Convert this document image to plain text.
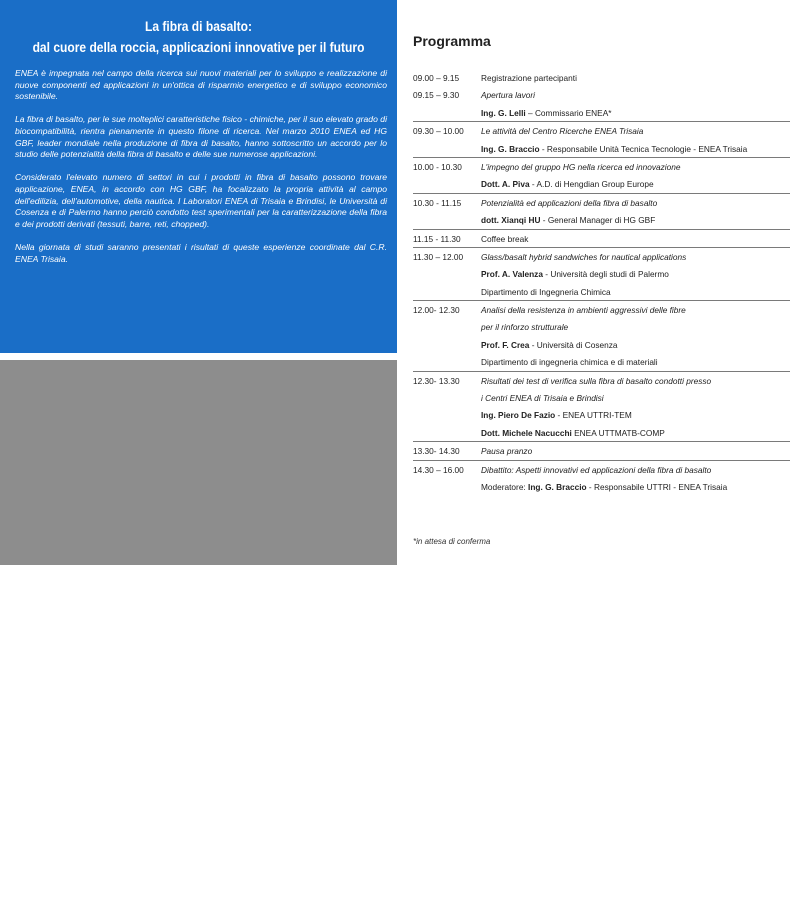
La fibra di basalto:
dal cuore della roccia, applicazioni innovative per il futuro

ENEA è impegnata nel campo della ricerca sui nuovi materiali per lo sviluppo e realizzazione di nuove componenti ed applicazioni in un'ottica di risparmio energetico e di sviluppo economico sostenibile.

La fibra di basalto, per le sue molteplici caratteristiche fisico - chimiche, per il suo elevato grado di biocompatibilità, rientra pienamente in questo filone di ricerca. Nel marzo 2010 ENEA ed HG GBF, leader mondiale nella produzione di fibra di basalto, hanno sottoscritto un accordo per lo studio delle potenzialità della fibra di basalto e delle sue numerose applicazioni.

Considerato l'elevato numero di settori in cui i prodotti in fibra di basalto possono trovare applicazione, ENEA, in accordo con HG GBF, ha focalizzato la propria attività al campo dell'edilizia, dell'automotive, della nautica. I Laboratori ENEA di Trisaia e Brindisi, le Università di Cosenza e di Palermo hanno perciò condotto test sperimentali per la caratterizzazione della fibra e dei prodotti derivati (tessuti, barre, reti, chopped).

Nella giornata di studi saranno presentati i risultati di queste esperienze coordinate dal C.R. ENEA Trisaia.

Per raggiungere il Centro
Mezzo proprio
Autostrada A3 (Roma-Reggio Calabria) - Uscita Lauria Nord; proseguire
lungo la S.S. 653 fino all'imbocco della S.S. 106 Jonica,
direzione Reggio Calabria
Autostrada A14 (Bologna-Taranto) - Uscita Palagiano; imboccare
la S.S. 106 Jonica, direzione Reggio Calabria
Treno
Linea Bari-Taranto-Sibari, Stazione di Policoro o Nova Siri
www.ferroviedellostato.it
Aereo
Aeroporto di Bari
www.aeroportidipuglia.it
Per partecipare al convegno è necessario registrarsi inviando una e-mail a:
francesco.catucci@enea.it
Programma
09.00 – 9.15	Registrazione partecipanti
09.15 – 9.30	Apertura lavori
Ing. G. Lelli – Commissario ENEA*
09.30 – 10.00 Le attività del Centro Ricerche ENEA Trisaia
Ing. G. Braccio - Responsabile Unità Tecnica Tecnologie - ENEA Trisaia
10.00 - 10.30 L'impegno del gruppo HG nella ricerca ed innovazione
Dott. A. Piva - A.D. di Hengdian Group Europe
10.30 - 11.15 Potenzialità ed applicazioni della fibra di basalto
dott. Xianqi HU - General Manager di HG GBF
11.15 - 11.30 Coffee break
11.30 – 12.00 Glass/basalt hybrid sandwiches for nautical applications
Prof. A. Valenza - Università degli studi di Palermo
Dipartimento di Ingegneria Chimica
12.00- 12.30	Analisi della resistenza in ambienti aggressivi delle fibre
per il rinforzo strutturale
Prof. F. Crea - Università di Cosenza
Dipartimento di ingegneria chimica e di materiali
12.30- 13.30	Risultati dei test di verifica sulla fibra di basalto condotti presso
i Centri ENEA di Trisaia e Brindisi
Ing. Piero De Fazio - ENEA UTTRI-TEM
Dott. Michele Nacucchi ENEA UTTMATB-COMP
13.30- 14.30	Pausa pranzo
14.30 – 16.00 Dibattito: Aspetti innovativi ed applicazioni della fibra di basalto
Moderatore: Ing. G. Braccio - Responsabile UTTRI - ENEA Trisaia
*in attesa di conferma
